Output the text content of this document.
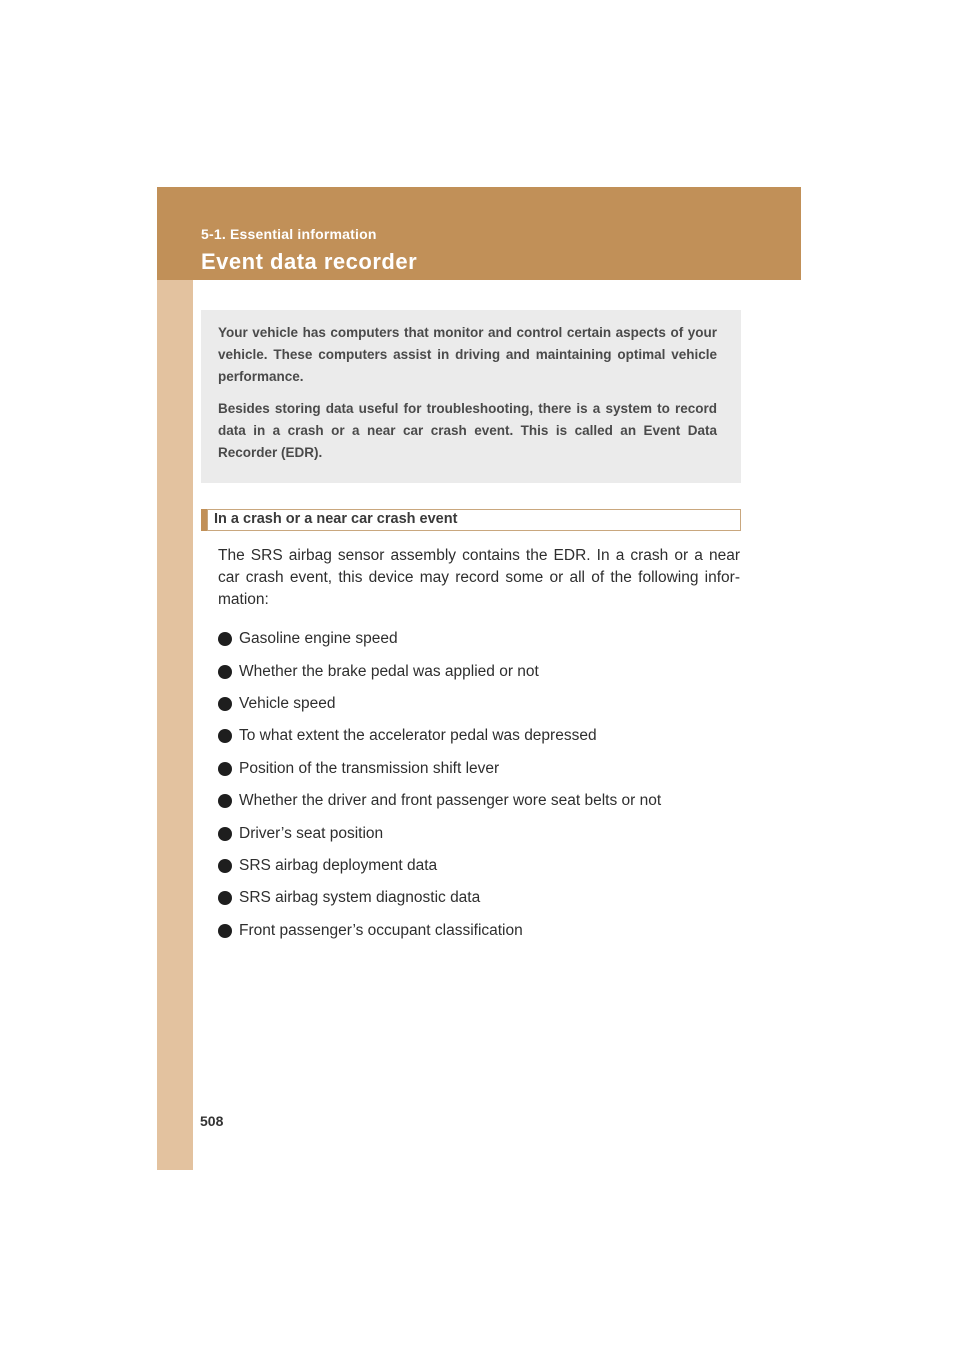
5-1. Essential information
Event data recorder

Your vehicle has computers that monitor and control certain aspects of your vehicle. These computers assist in driving and maintaining optimal vehicle performance.

Besides storing data useful for troubleshooting, there is a system to record data in a crash or a near car crash event. This is called an Event Data Recorder (EDR).

In a crash or a near car crash event

The SRS airbag sensor assembly contains the EDR. In a crash or a near car crash event, this device may record some or all of the following infor-mation:

Gasoline engine speed
Whether the brake pedal was applied or not
Vehicle speed
To what extent the accelerator pedal was depressed
Position of the transmission shift lever
Whether the driver and front passenger wore seat belts or not
Driver’s seat position
SRS airbag deployment data
SRS airbag system diagnostic data
Front passenger’s occupant classification
508
